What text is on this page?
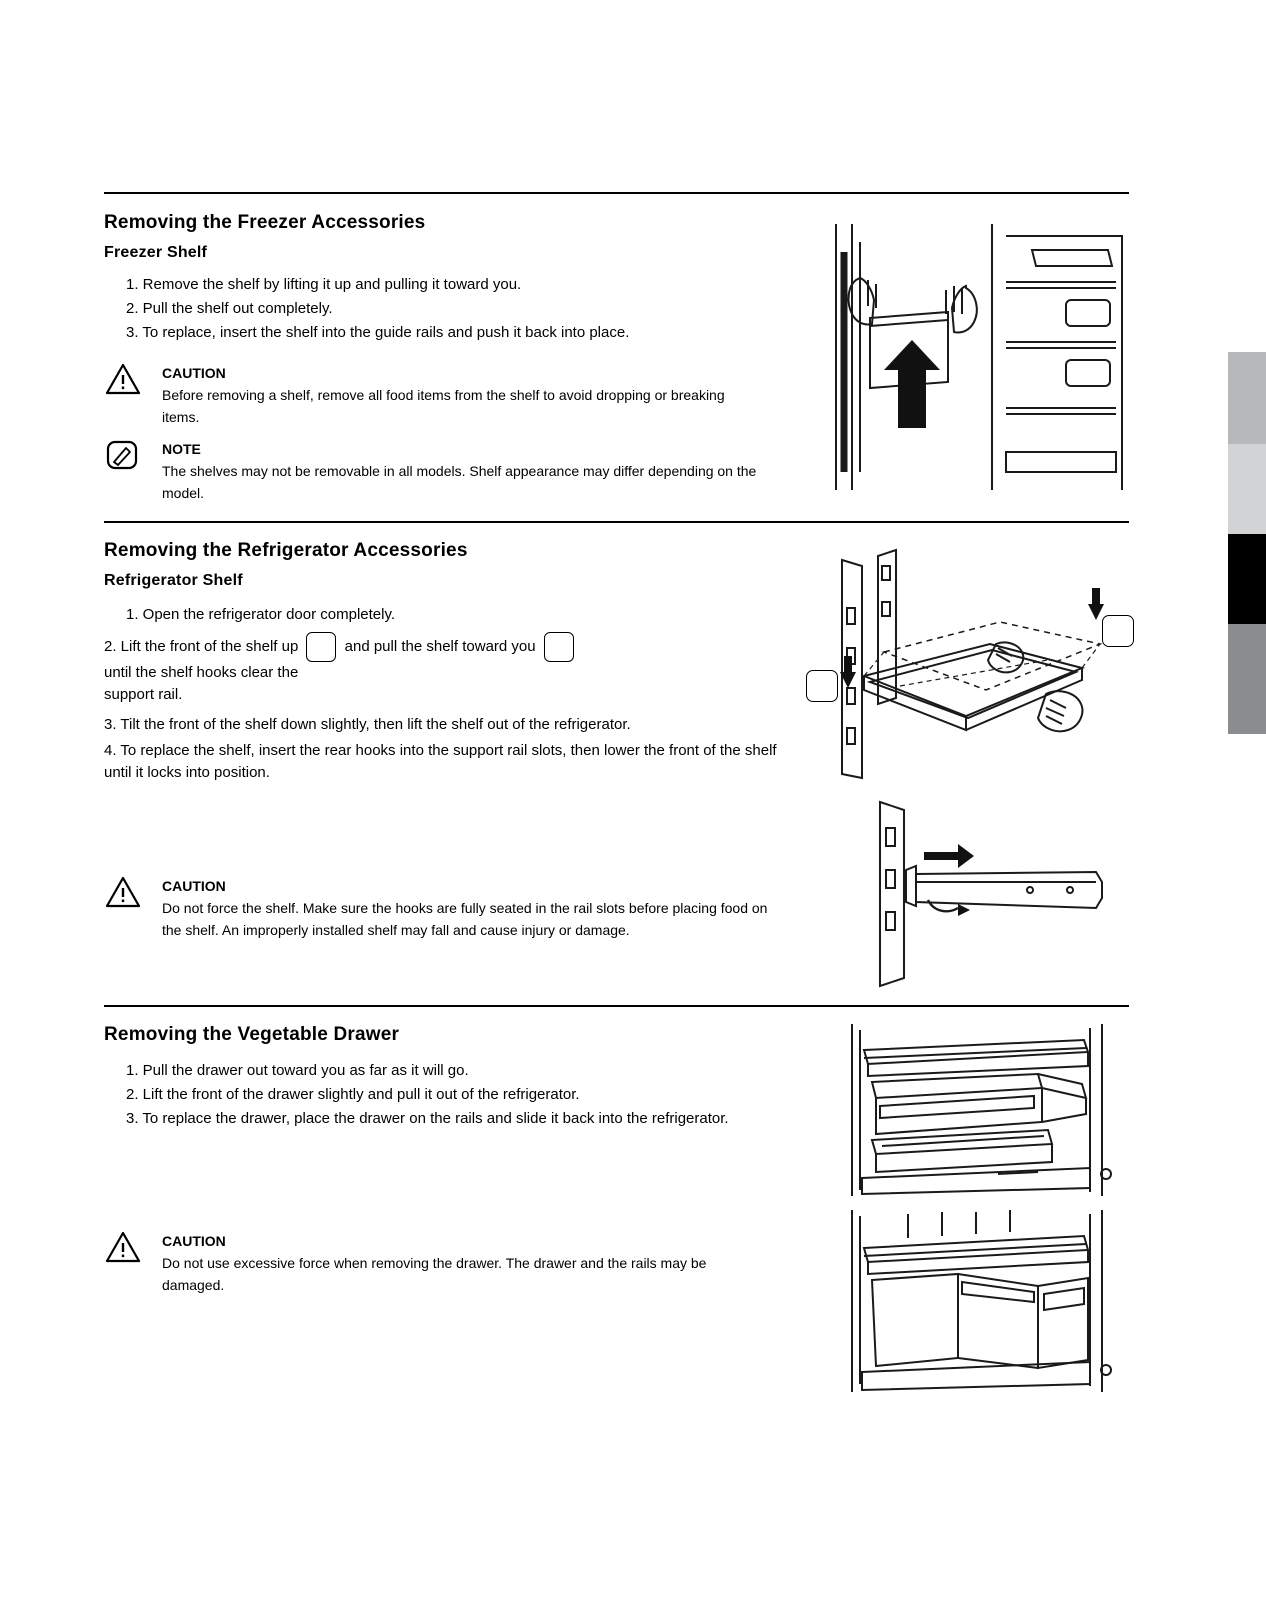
Removing the Freezer Accessories
Freezer Shelf
1. Remove the shelf by lifting it up and pulling it toward you.
2. Pull the shelf out completely.
3. To replace, insert the shelf into the guide rails and push it back into place.
CAUTION
Before removing a shelf, remove all food items from the shelf to avoid dropping or breaking items.
NOTE
The shelves may not be removable in all models. Shelf appearance may differ depending on the model.
Removing the Refrigerator Accessories
Refrigerator Shelf
1. Open the refrigerator door completely.
2. Lift the front of the shelf up	and pull the shelf toward you
until the shelf hooks clear the
support rail.
3. Tilt the front of the shelf down slightly, then lift the shelf out of the refrigerator.
4. To replace the shelf, insert the rear hooks into the support rail slots, then lower the front of the shelf until it locks into position.
CAUTION
Do not force the shelf. Make sure the hooks are fully seated in the rail slots before placing food on the shelf. An improperly installed shelf may fall and cause injury or damage.
Removing the Vegetable Drawer
1. Pull the drawer out toward you as far as it will go.
2. Lift the front of the drawer slightly and pull it out of the refrigerator.
3. To replace the drawer, place the drawer on the rails and slide it back into the refrigerator.
CAUTION
Do not use excessive force when removing the drawer. The drawer and the rails may be damaged.
